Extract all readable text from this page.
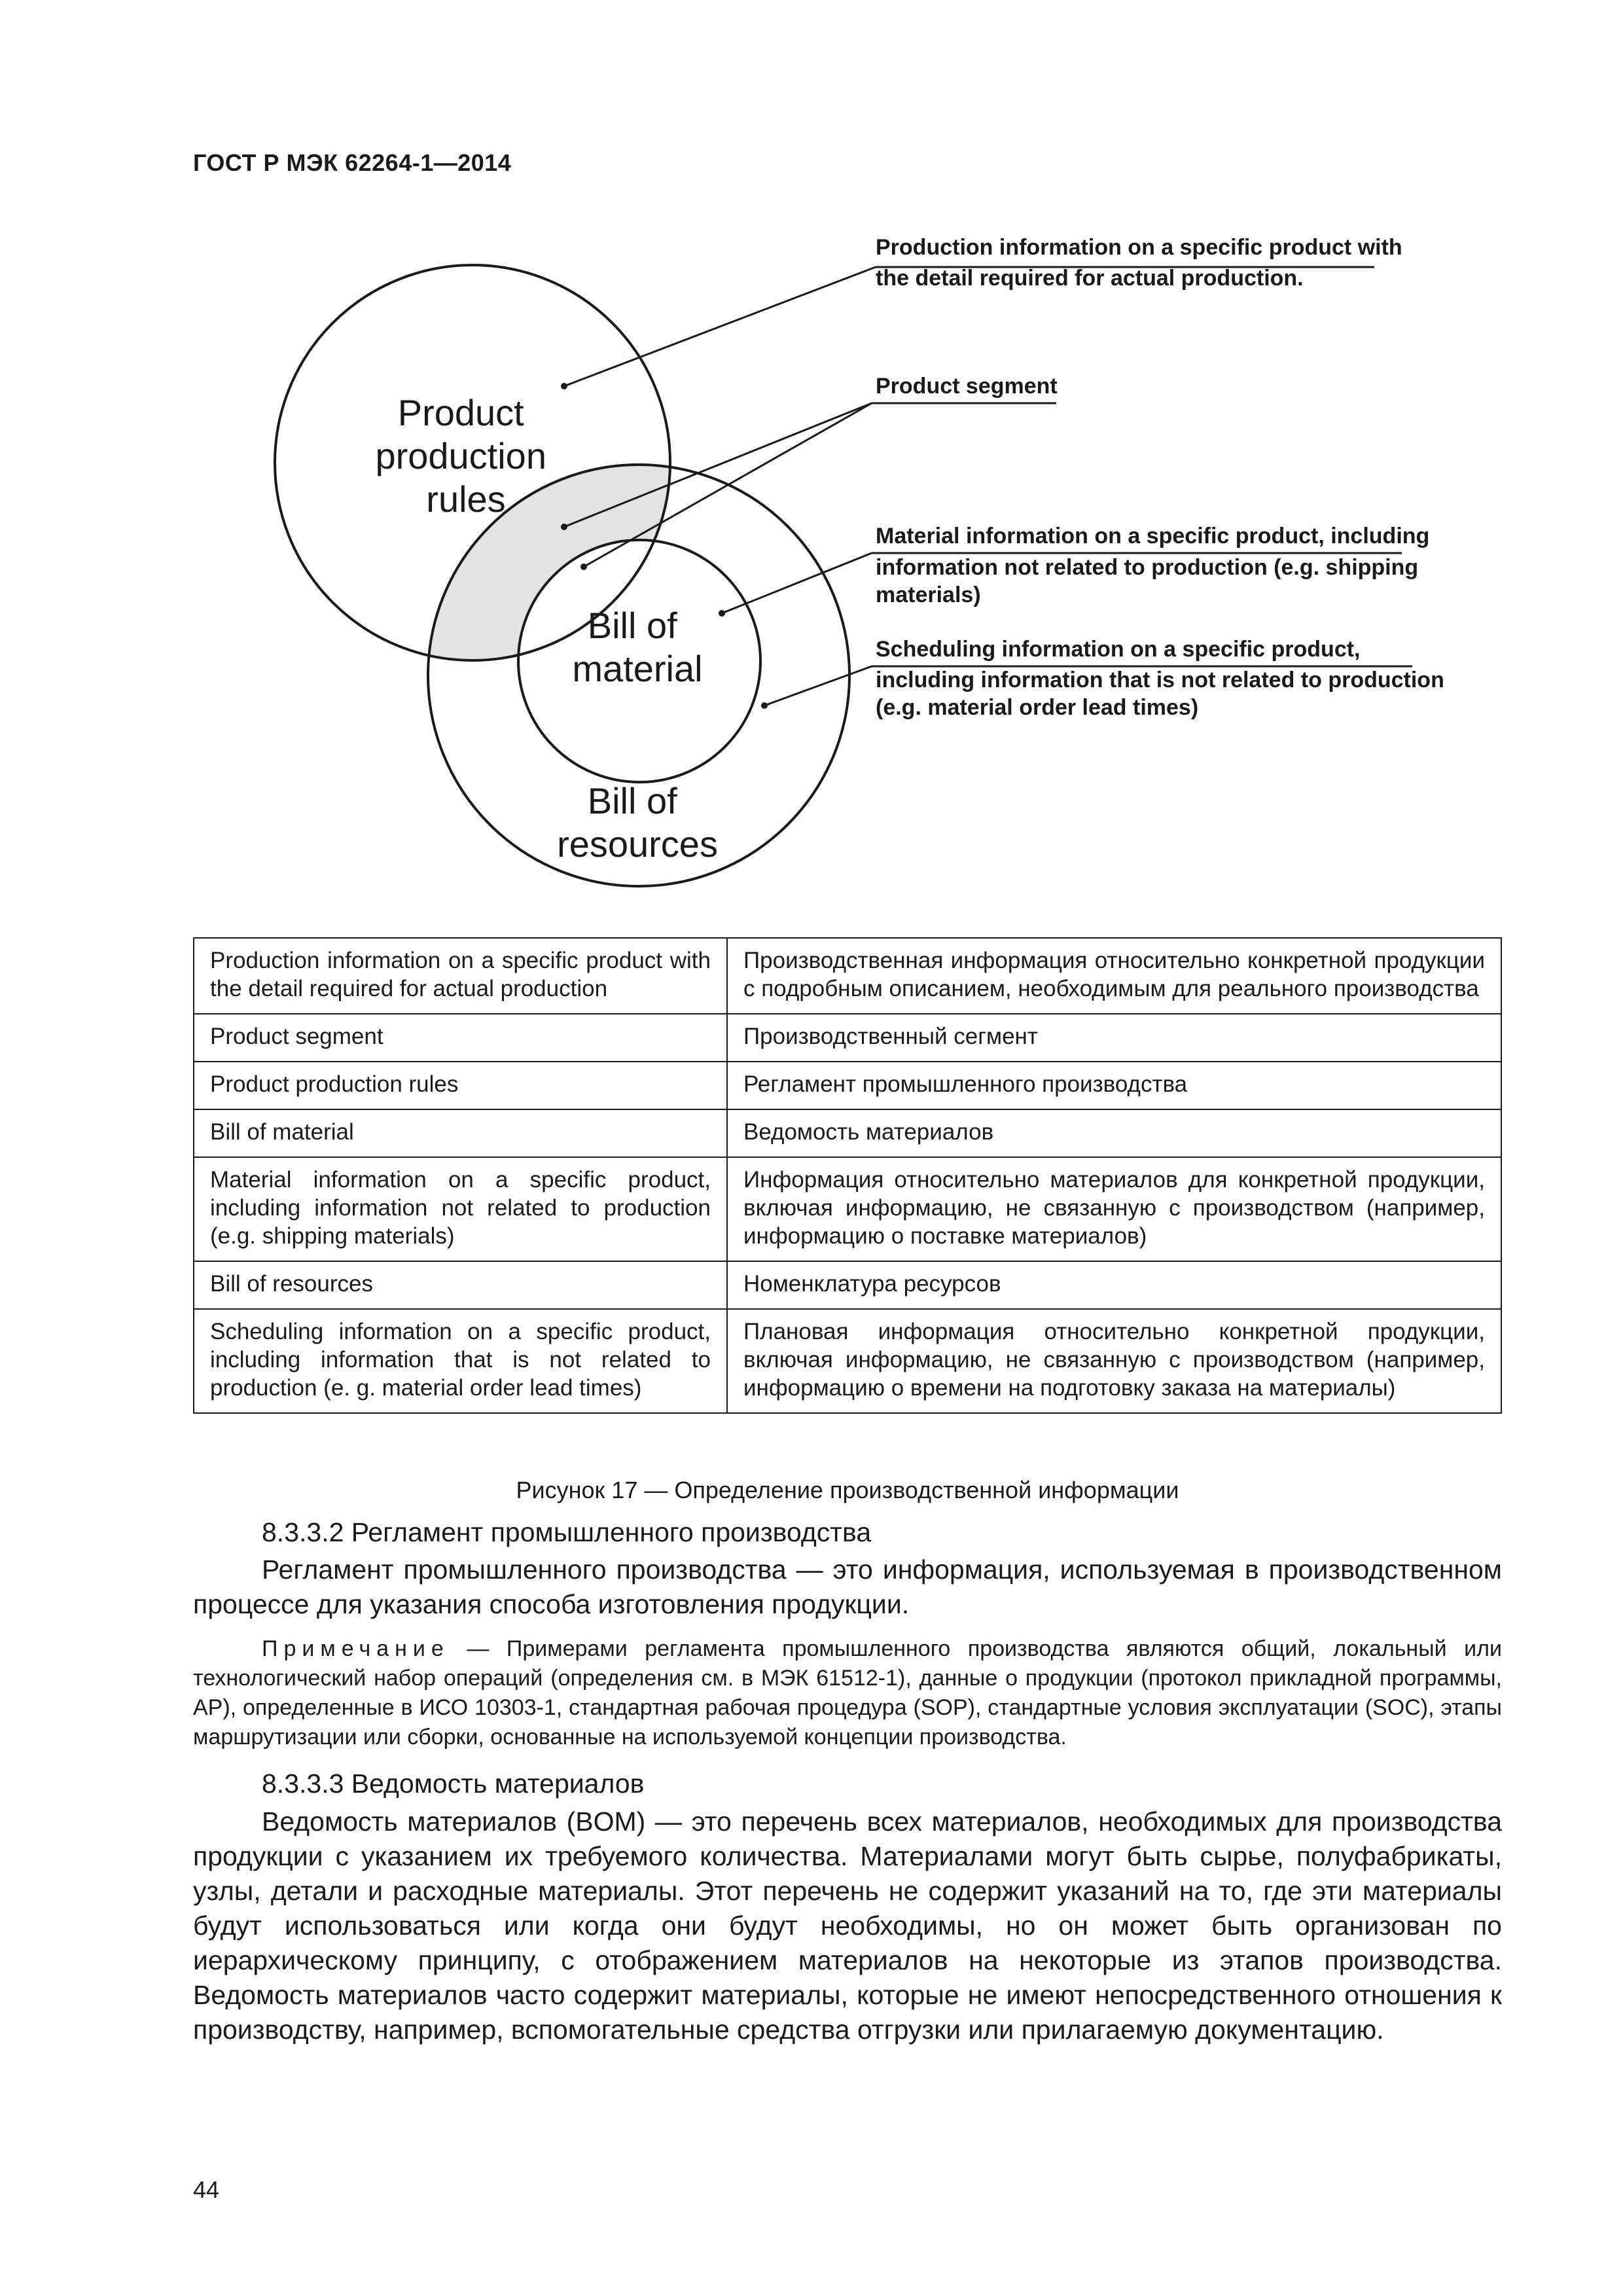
ГОСТ Р МЭК 62264-1—2014
Product production rules
Bill of material
Bill of resources
Production information on a specific product with the detail required for actual production.
Product segment
Material information on a specific product, including information not related to production (e.g. shipping materials)
Scheduling information on a specific product, including information that is not related to production (e.g. material order lead times)
Production information on a specific product with the detail required for actual production	Производственная информация относительно конкретной продукции с подробным описанием, необходимым для реального производства
Product segment	Производственный сегмент
Product production rules	Регламент промышленного производства
Bill of material	Ведомость материалов
Material information on a specific product, including information not related to production (e.g. shipping materials)	Информация относительно материалов для конкретной продукции, включая информацию, не связанную с производством (например, информацию о поставке материалов)
Bill of resources	Номенклатура ресурсов
Scheduling information on a specific product, including information that is not related to production (e. g. material order lead times)	Плановая информация относительно конкретной продукции, включая информацию, не связанную с производством (например, информацию о времени на подготовку заказа на материалы)
Рисунок 17 — Определение производственной информации
8.3.3.2 Регламент промышленного производства
Регламент промышленного производства — это информация, используемая в производственном процессе для указания способа изготовления продукции.
Примечание — Примерами регламента промышленного производства являются общий, локальный или технологический набор операций (определения см. в МЭК 61512-1), данные о продукции (протокол прикладной программы, AP), определенные в ИСО 10303-1, стандартная рабочая процедура (SOP), стандартные условия эксплуатации (SOC), этапы маршрутизации или сборки, основанные на используемой концепции производства.
8.3.3.3 Ведомость материалов
Ведомость материалов (BOM) — это перечень всех материалов, необходимых для производства продукции с указанием их требуемого количества. Материалами могут быть сырье, полуфабрикаты, узлы, детали и расходные материалы. Этот перечень не содержит указаний на то, где эти материалы будут использоваться или когда они будут необходимы, но он может быть организован по иерархическому принципу, с отображением материалов на некоторые из этапов производства. Ведомость материалов часто содержит материалы, которые не имеют непосредственного отношения к производству, например, вспомогательные средства отгрузки или прилагаемую документацию.
44
